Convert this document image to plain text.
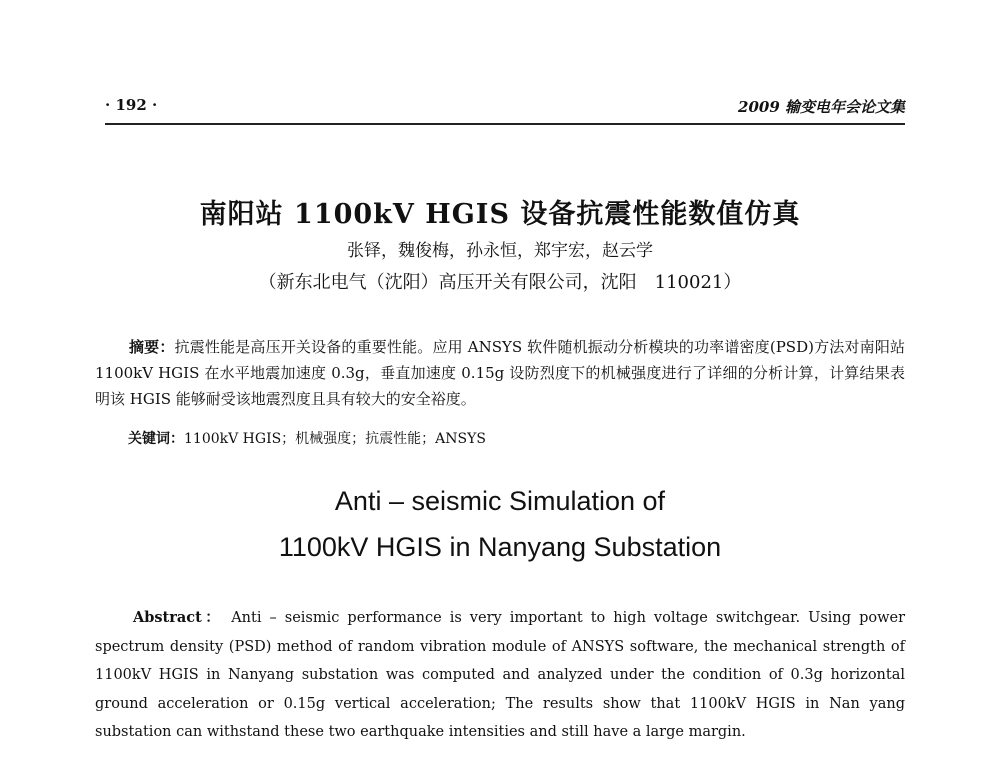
· 192 ·	2009 输变电年会论文集
南阳站 1100kV HGIS 设备抗震性能数值仿真
张铎，魏俊梅，孙永恒，郑宇宏，赵云学
（新东北电气（沈阳）高压开关有限公司，沈阳　110021）
摘要：抗震性能是高压开关设备的重要性能。应用 ANSYS 软件随机振动分析模块的功率谱密度(PSD)方法对南阳站 1100kV HGIS 在水平地震加速度 0.3g，垂直加速度 0.15g 设防烈度下的机械强度进行了详细的分析计算，计算结果表明该 HGIS 能够耐受该地震烈度且具有较大的安全裕度。
关键词：1100kV HGIS；机械强度；抗震性能；ANSYS
Anti – seismic Simulation of
1100kV HGIS in Nanyang Substation

Abstract： Anti – seismic performance is very important to high voltage switchgear. Using power spectrum density (PSD) method of random vibration module of ANSYS software, the mechanical strength of 1100kV HGIS in Nanyang substation was computed and analyzed under the condition of 0.3g horizontal ground acceleration or 0.15g vertical acceleration; The results show that 1100kV HGIS in Nan yang substation can withstand these two earthquake intensities and still have a large margin.
